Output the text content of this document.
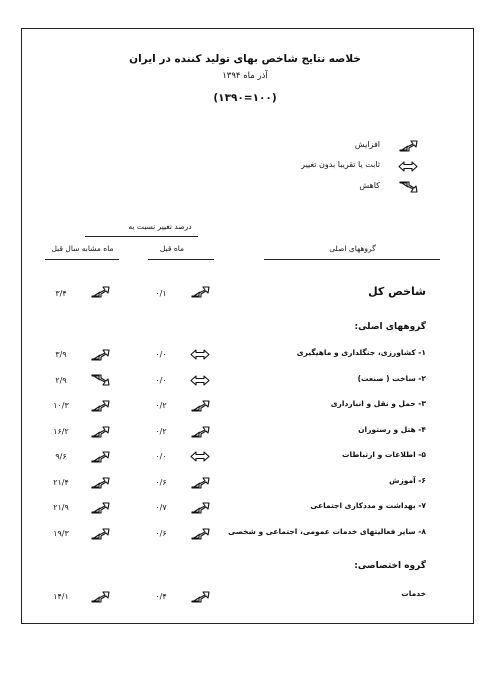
خلاصه نتایج شاخص بهای تولید کننده در ایران
آذر ماه ۱۳۹۴
(۱۰۰=۱۳۹۰)
افزایش
ثابت یا تقریبا بدون تغییر
کاهش
درصد تغییر نسبت به
ماه قبل
ماه مشابه سال قبل	گروههای اصلی
شاخص کل
۰/۱
۳/۴
گروههای اصلی:
۱- کشاورزی، جنگلداری و ماهیگیری
۰/۰
۳/۹
۲- ساخت ( صنعت)
۰/۰
۲/۹
۳- حمل و نقل و انبارداری
۰/۲
۱۰/۳
۴- هتل و رستوران
۰/۲
۱۶/۲
۵- اطلاعات و ارتباطات
۰/۰
۹/۶
۶- آموزش
۰/۶
۲۱/۴
۷- بهداشت و مددکاری اجتماعی
۰/۷
۲۱/۹
۸- سایر فعالیتهای خدمات عمومی، اجتماعی و شخصی
۰/۶
۱۹/۳
گروه اختصاصی:
خدمات
۰/۴
۱۴/۱
